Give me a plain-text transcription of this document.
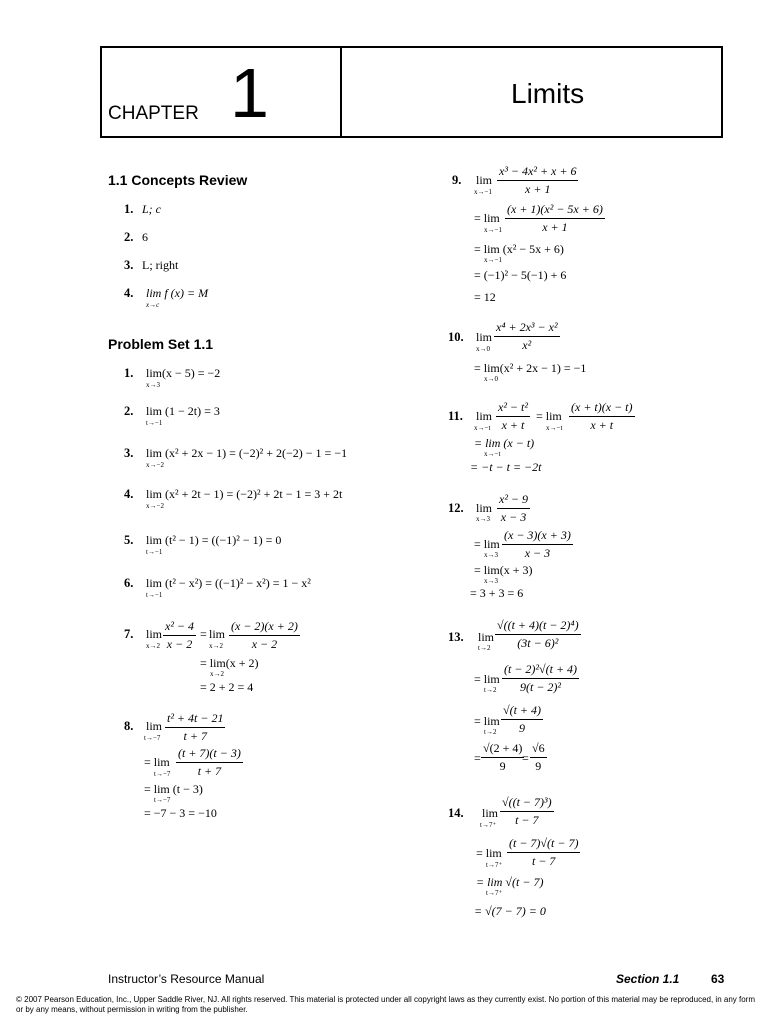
CHAPTER 1	Limits
1.1 Concepts Review
1. L; c
2. 6
3. L; right
4. lim f (x) = M
x→c
Problem Set 1.1
1. lim(x − 5) = −2
x→3
2. lim (1 − 2t) = 3
t→−1
3. lim (x² + 2x − 1) = (−2)² + 2(−2) − 1 = −1
x→−2
4. lim (x² + 2t − 1) = (−2)² + 2t − 1 = 3 + 2t
x→−2
5. lim (t² − 1) = ((−1)² − 1) = 0
t→−1
6. lim (t² − x²) = ((−1)² − x²) = 1 − x²
t→−1
7. lim
$x\to 2 \frac{\text{x² − 4}}{x - 2} = \lim$
$x\to 2 \frac{(x - 2)(x + 2)}{x - 2}$
= lim(x + 2)
x→2
= 2 + 2 = 4
8. lim
$t\to-7 \frac{\text{t² + 4t − 21}}{t + 7}$
= lim
$t\to-7 \frac{(t + 7)(t - 3)}{t + 7}$
= lim (t − 3)
t→−7
= −7 − 3 = −10
9. lim
$x\to-1 \frac{\text{x³ − 4x² + x + 6}}{x + 1}$
= lim
$x\to-1 \frac{\text{(x + 1)(x² − 5x + 6)}}{x + 1}$
= lim (x² − 5x + 6)
x→−1
= (−1)² − 5(−1) + 6
= 12
10. lim
$x\to 0 \frac{\text{x⁴ + 2x³ − x²}}{\text{x²}}$
= lim(x² + 2x − 1) = −1
x→0
11. lim
$x\to-t \frac{\text{x² − t²}}{x + t} = \lim$
$x\to-t \frac{(x + t)(x - t)}{x + t}$
= lim (x − t)
x→−t
= −t − t = −2t
12. lim
$x\to 3 \frac{\text{x² − 9}}{x - 3}$
= lim
$x\to 3 \frac{(x - 3)(x + 3)}{x - 3}$
= lim(x + 3)
x→3
= 3 + 3 = 6
13. lim
$t\to 2 \frac{\text{√((t + 4)(t − 2)⁴)}}{\text{(3t − 6)²}}$
= lim
$t\to 2 \frac{\text{(t − 2)²√(t + 4)}}{\text{9(t − 2)²}}$
= lim
$t\to 2 \frac{√(t + 4)}{9}$
= $\frac{√(2 + 4)}{9}$
= $\frac{√6}{9}$
14. lim
$t\to 7^+ \frac{\text{√((t − 7)³)}}{t - 7}$
= lim
$t\to 7^+ \frac{(t - 7)√(t - 7)}{t - 7}$
= lim √(t − 7)
t→7⁺
= √(7 − 7) = 0
Instructor’s Resource Manual	Section 1.1	63
© 2007 Pearson Education, Inc., Upper Saddle River, NJ. All rights reserved. This material is protected under all copyright laws as they currently exist. No portion of this material may be reproduced, in any form or by any means, without permission in writing from the publisher.
